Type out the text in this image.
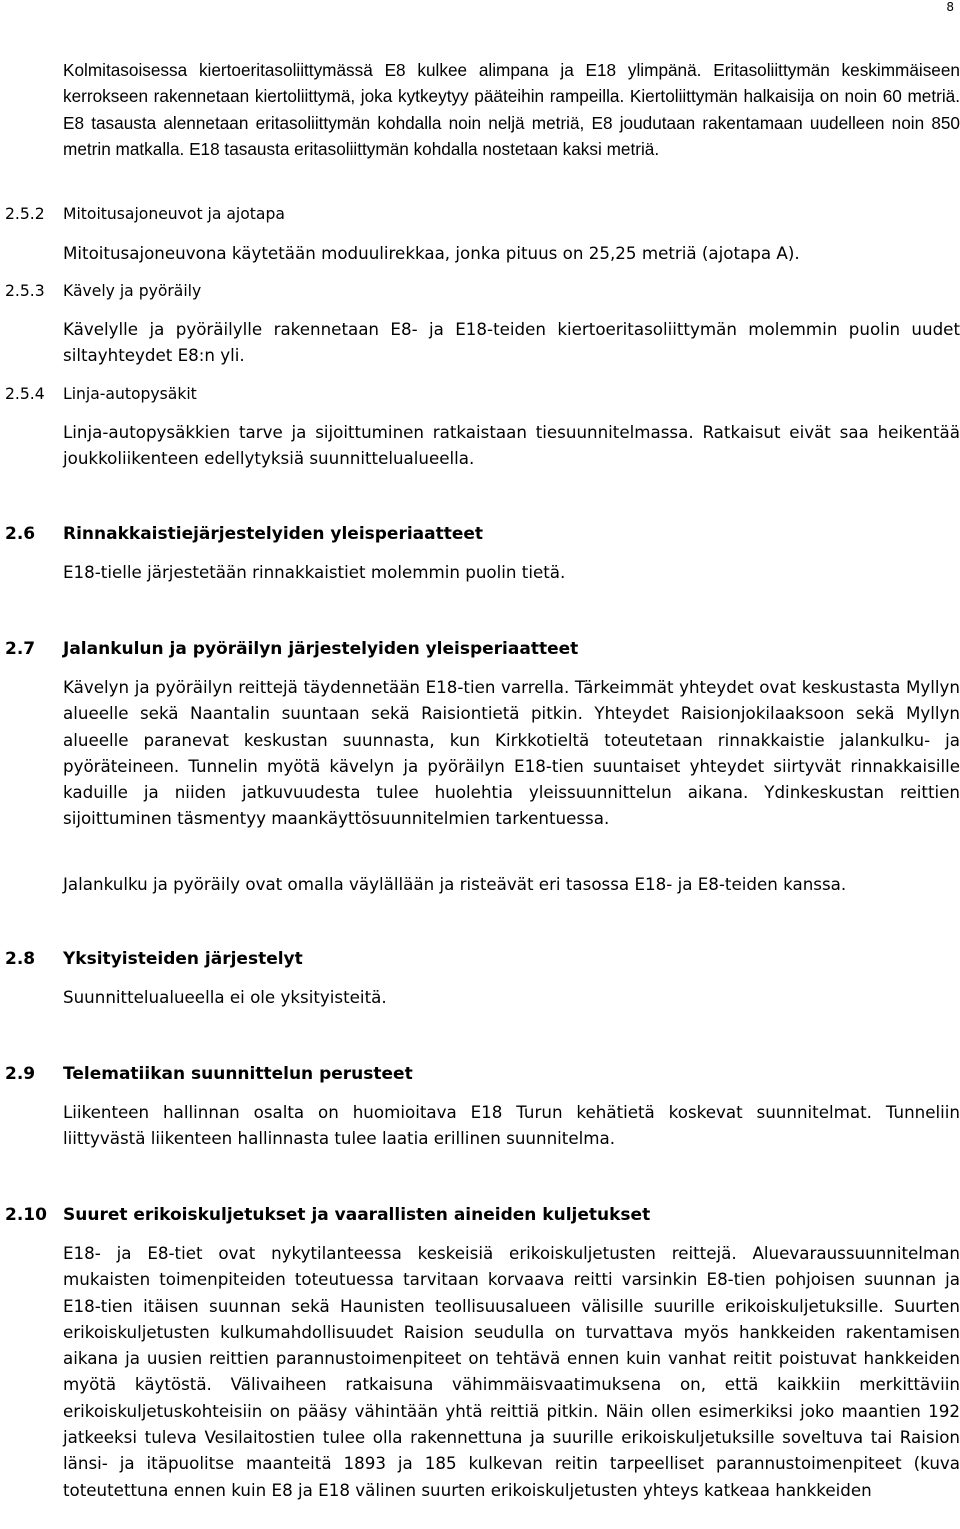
8
Kolmitasoisessa kiertoeritasoliittymässä E8 kulkee alimpana ja E18 ylimpänä. Eritasoliittymän keskimmäiseen kerrokseen rakennetaan kiertoliittymä, joka kytkeytyy pääteihin rampeilla. Kiertoliittymän halkaisija on noin 60 metriä. E8 tasausta alennetaan eritasoliittymän kohdalla noin neljä metriä, E8 joudutaan rakentamaan uudelleen noin 850 metrin matkalla. E18 tasausta eritasoliittymän kohdalla nostetaan kaksi metriä.
2.5.2 Mitoitusajoneuvot ja ajotapa
Mitoitusajoneuvona käytetään moduulirekkaa, jonka pituus on 25,25 metriä (ajotapa A).
2.5.3 Kävely ja pyöräily
Kävelylle ja pyöräilylle rakennetaan E8- ja E18-teiden kiertoeritasoliittymän molemmin puolin uudet siltayhteydet E8:n yli.
2.5.4 Linja-autopysäkit
Linja-autopysäkkien tarve ja sijoittuminen ratkaistaan tiesuunnitelmassa. Ratkaisut eivät saa heikentää joukkoliikenteen edellytyksiä suunnittelualueella.
2.6 Rinnakkaistiejärjestelyiden yleisperiaatteet
E18-tielle järjestetään rinnakkaistiet molemmin puolin tietä.
2.7 Jalankulun ja pyöräilyn järjestelyiden yleisperiaatteet
Kävelyn ja pyöräilyn reittejä täydennetään E18-tien varrella. Tärkeimmät yhteydet ovat keskustasta Myllyn alueelle sekä Naantalin suuntaan sekä Raisiontietä pitkin. Yhteydet Raisionjokilaaksoon sekä Myllyn alueelle paranevat keskustan suunnasta, kun Kirkkotieltä toteutetaan rinnakkaistie jalankulku- ja pyöräteineen. Tunnelin myötä kävelyn ja pyöräilyn E18-tien suuntaiset yhteydet siirtyvät rinnakkaisille kaduille ja niiden jatkuvuudesta tulee huolehtia yleissuunnittelun aikana. Ydinkeskustan reittien sijoittuminen täsmentyy maankäyttösuunnitelmien tarkentuessa.
Jalankulku ja pyöräily ovat omalla väylällään ja risteävät eri tasossa E18- ja E8-teiden kanssa.
2.8 Yksityisteiden järjestelyt
Suunnittelualueella ei ole yksityisteitä.
2.9 Telematiikan suunnittelun perusteet
Liikenteen hallinnan osalta on huomioitava E18 Turun kehätietä koskevat suunnitelmat. Tunneliin liittyvästä liikenteen hallinnasta tulee laatia erillinen suunnitelma.
2.10 Suuret erikoiskuljetukset ja vaarallisten aineiden kuljetukset
E18- ja E8-tiet ovat nykytilanteessa keskeisiä erikoiskuljetusten reittejä. Aluevaraussuunnitelman mukaisten toimenpiteiden toteutuessa tarvitaan korvaava reitti varsinkin E8-tien pohjoisen suunnan ja E18-tien itäisen suunnan sekä Haunisten teollisuusalueen välisille suurille erikoiskuljetuksille. Suurten erikoiskuljetusten kulkumahdollisuudet Raision seudulla on turvattava myös hankkeiden rakentamisen aikana ja uusien reittien parannustoimenpiteet on tehtävä ennen kuin vanhat reitit poistuvat hankkeiden myötä käytöstä. Välivaiheen ratkaisuna vähimmäisvaatimuksena on, että kaikkiin merkittäviin erikoiskuljetuskohteisiin on pääsy vähintään yhtä reittiä pitkin. Näin ollen esimerkiksi joko maantien 192 jatkeeksi tuleva Vesilaitostien tulee olla rakennettuna ja suurille erikoiskuljetuksille soveltuva tai Raision länsi- ja itäpuolitse maanteitä 1893 ja 185 kulkevan reitin tarpeelliset parannustoimenpiteet (kuva toteutettuna ennen kuin E8 ja E18 välinen suurten erikoiskuljetusten yhteys katkeaa hankkeiden
